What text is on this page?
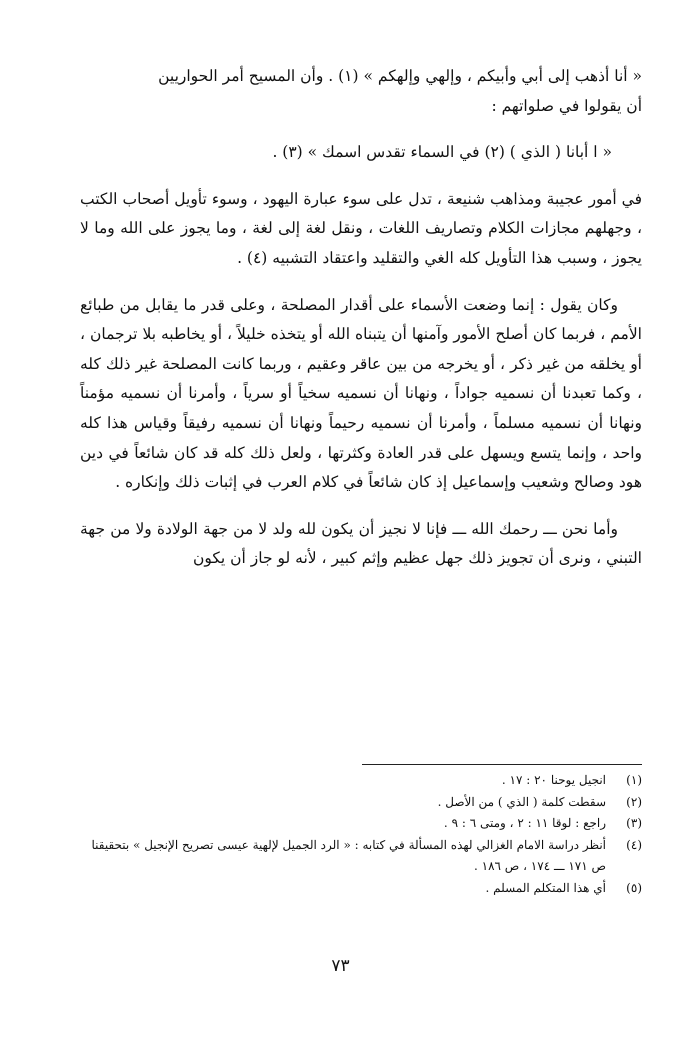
« أنا أذهب إلى أبي وأبيكم ، وإلهي وإلهكم » (١) . وأن المسيح أمر الحواريين

أن يقولوا في صلواتهم :

« ا أبانا ( الذي ) (٢) في السماء تقدس اسمك » (٣) .

في أمور عجيبة ومذاهب شنيعة ، تدل على سوء عبارة اليهود ، وسوء تأويل أصحاب الكتب ، وجهلهم مجازات الكلام وتصاريف اللغات ، ونقل لغة إلى لغة ، وما يجوز على الله وما لا يجوز ، وسبب هذا التأويل كله الغي والتقليد واعتقاد التشبيه (٤) .

وكان يقول : إنما وضعت الأسماء على أقدار المصلحة ، وعلى قدر ما يقابل من طبائع الأمم ، فربما كان أصلح الأمور وآمنها أن يتبناه الله أو يتخذه خليلاً ، أو يخاطبه بلا ترجمان ، أو يخلقه من غير ذكر ، أو يخرجه من بين عاقر وعقيم ، وربما كانت المصلحة غير ذلك كله ، وكما تعبدنا أن نسميه جواداً ، ونهانا أن نسميه سخياً أو سرياً ، وأمرنا أن نسميه مؤمناً ونهانا أن نسميه مسلماً ، وأمرنا أن نسميه رحيماً ونهانا أن نسميه رفيقاً وقياس هذا كله واحد ، وإنما يتسع ويسهل على قدر العادة وكثرتها ، ولعل ذلك كله قد كان شائعاً في دين هود وصالح وشعيب وإسماعيل إذ كان شائعاً في كلام العرب في إثبات ذلك وإنكاره .

وأما نحن ـــ رحمك الله ـــ فإنا لا نجيز أن يكون لله ولد لا من جهة الولادة ولا من جهة التبني ، ونرى أن تجويز ذلك جهل عظيم وإثم كبير ، لأنه لو جاز أن يكون

(١)
انجيل يوحنا ٢٠ : ١٧ .
(٢)
سقطت كلمة ( الذي ) من الأصل .
(٣)
راجع : لوقا ١١ : ٢ ، ومتى ٦ : ٩ .
(٤)
أنظر دراسة الامام الغزالي لهذه المسألة في كتابه : « الرد الجميل لإلهية عيسى تصريح الإنجيل » بتحقيقنا ص ١٧١ ـــ ١٧٤ ، ص ١٨٦ .
(٥)
أي هذا المتكلم المسلم .
٧٣
